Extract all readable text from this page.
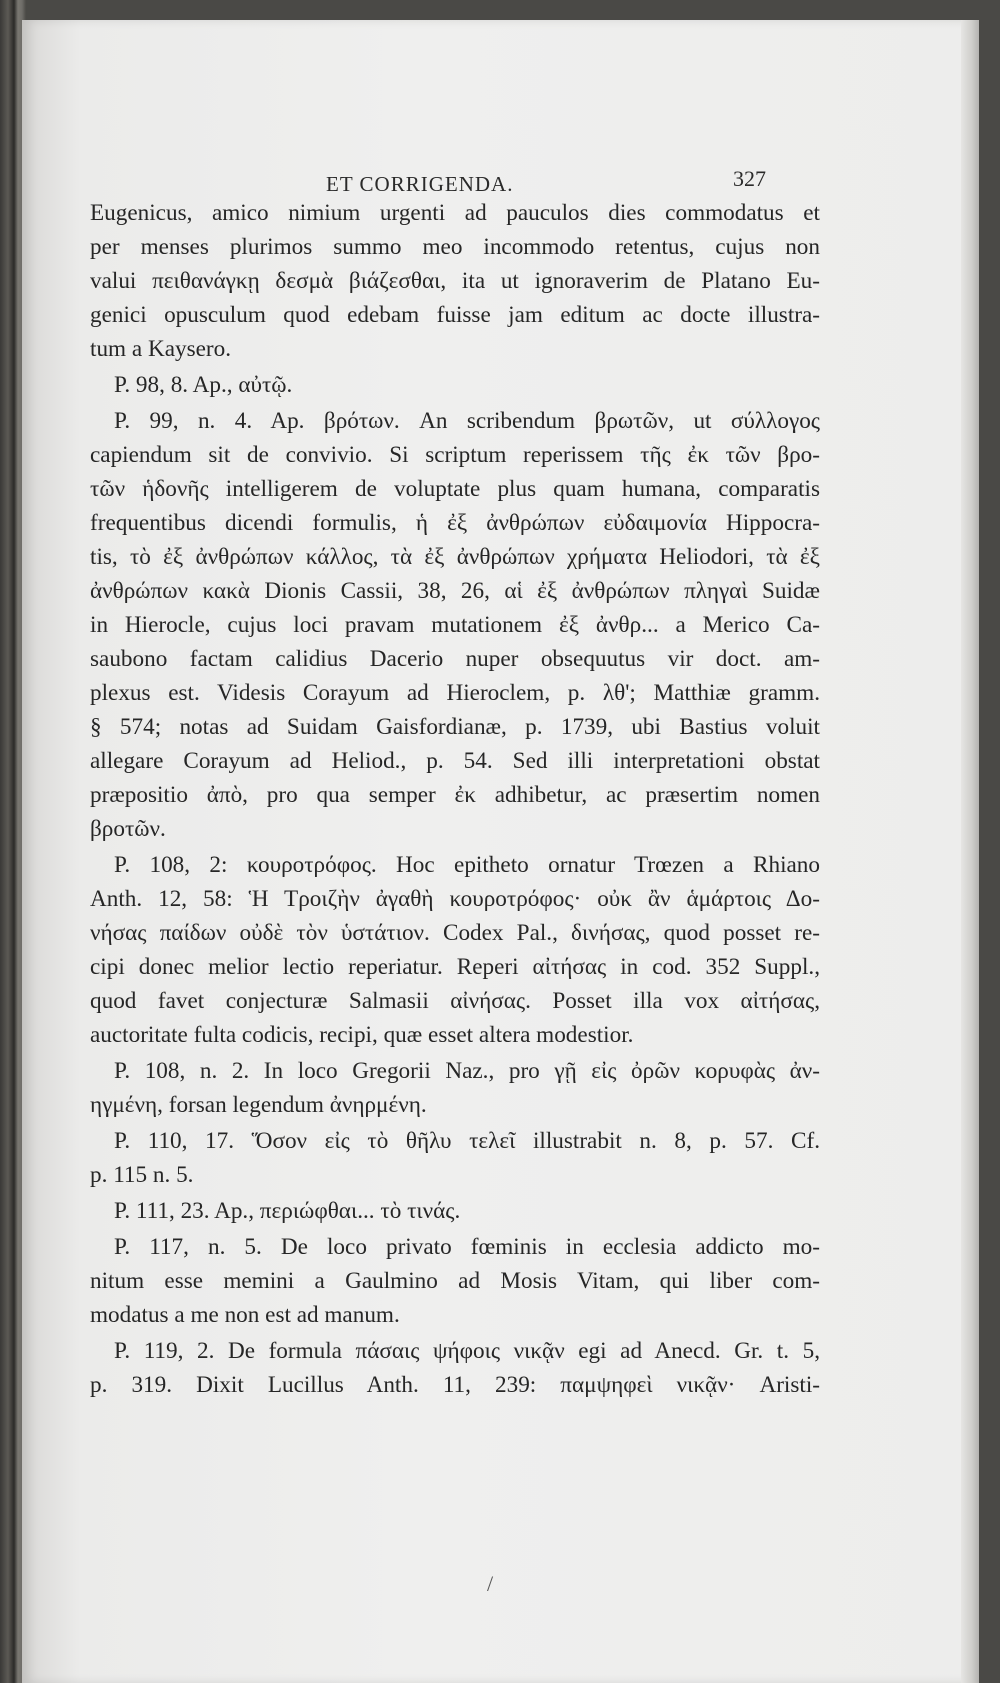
ET CORRIGENDA.	327
Eugenicus, amico nimium urgenti ad pauculos dies commodatus et
per menses plurimos summo meo incommodo retentus, cujus non
valui πειθανάγκῃ δεσμὰ βιάζεσθαι, ita ut ignoraverim de Platano Eu-
genici opusculum quod edebam fuisse jam editum ac docte illustra-
tum a Kaysero.
P. 98, 8. Ap., αὐτῷ.
P. 99, n. 4. Ap. βρότων. An scribendum βρωτῶν, ut σύλλογος
capiendum sit de convivio. Si scriptum reperissem τῆς ἐκ τῶν βρο-
τῶν ἡδονῆς intelligerem de voluptate plus quam humana, comparatis
frequentibus dicendi formulis, ἡ ἐξ ἀνθρώπων εὐδαιμονία Hippocra-
tis, τὸ ἐξ ἀνθρώπων κάλλος, τὰ ἐξ ἀνθρώπων χρήματα Heliodori, τὰ ἐξ
ἀνθρώπων κακὰ Dionis Cassii, 38, 26, αἱ ἐξ ἀνθρώπων πληγαὶ Suidæ
in Hierocle, cujus loci pravam mutationem ἐξ ἀνθρ... a Merico Ca-
saubono factam calidius Dacerio nuper obsequutus vir doct. am-
plexus est. Videsis Corayum ad Hieroclem, p. λθ'; Matthiæ gramm.
§ 574; notas ad Suidam Gaisfordianæ, p. 1739, ubi Bastius voluit
allegare Corayum ad Heliod., p. 54. Sed illi interpretationi obstat
præpositio ἀπὸ, pro qua semper ἐκ adhibetur, ac præsertim nomen
βροτῶν.
P. 108, 2: κουροτρόφος. Hoc epitheto ornatur Trœzen a Rhiano
Anth. 12, 58: Ἡ Τροιζὴν ἀγαθὴ κουροτρόφος· οὐκ ἂν ἁμάρτοις Δο-
νήσας παίδων οὐδὲ τὸν ὑστάτιον. Codex Pal., δινήσας, quod posset re-
cipi donec melior lectio reperiatur. Reperi αἰτήσας in cod. 352 Suppl.,
quod favet conjecturæ Salmasii αἰνήσας. Posset illa vox αἰτήσας,
auctoritate fulta codicis, recipi, quæ esset altera modestior.
P. 108, n. 2. In loco Gregorii Naz., pro γῇ εἰς ὀρῶν κορυφὰς ἀν-
ηγμένη, forsan legendum ἀνηρμένη.
P. 110, 17. Ὅσον εἰς τὸ θῆλυ τελεῖ illustrabit n. 8, p. 57. Cf.
p. 115 n. 5.
P. 111, 23. Ap., περιώφθαι... τὸ τινάς.
P. 117, n. 5. De loco privato fœminis in ecclesia addicto mo-
nitum esse memini a Gaulmino ad Mosis Vitam, qui liber com-
modatus a me non est ad manum.
P. 119, 2. De formula πάσαις ψήφοις νικᾷν egi ad Anecd. Gr. t. 5,
p. 319. Dixit Lucillus Anth. 11, 239: παμψηφεὶ νικᾷν· Aristi-
/
